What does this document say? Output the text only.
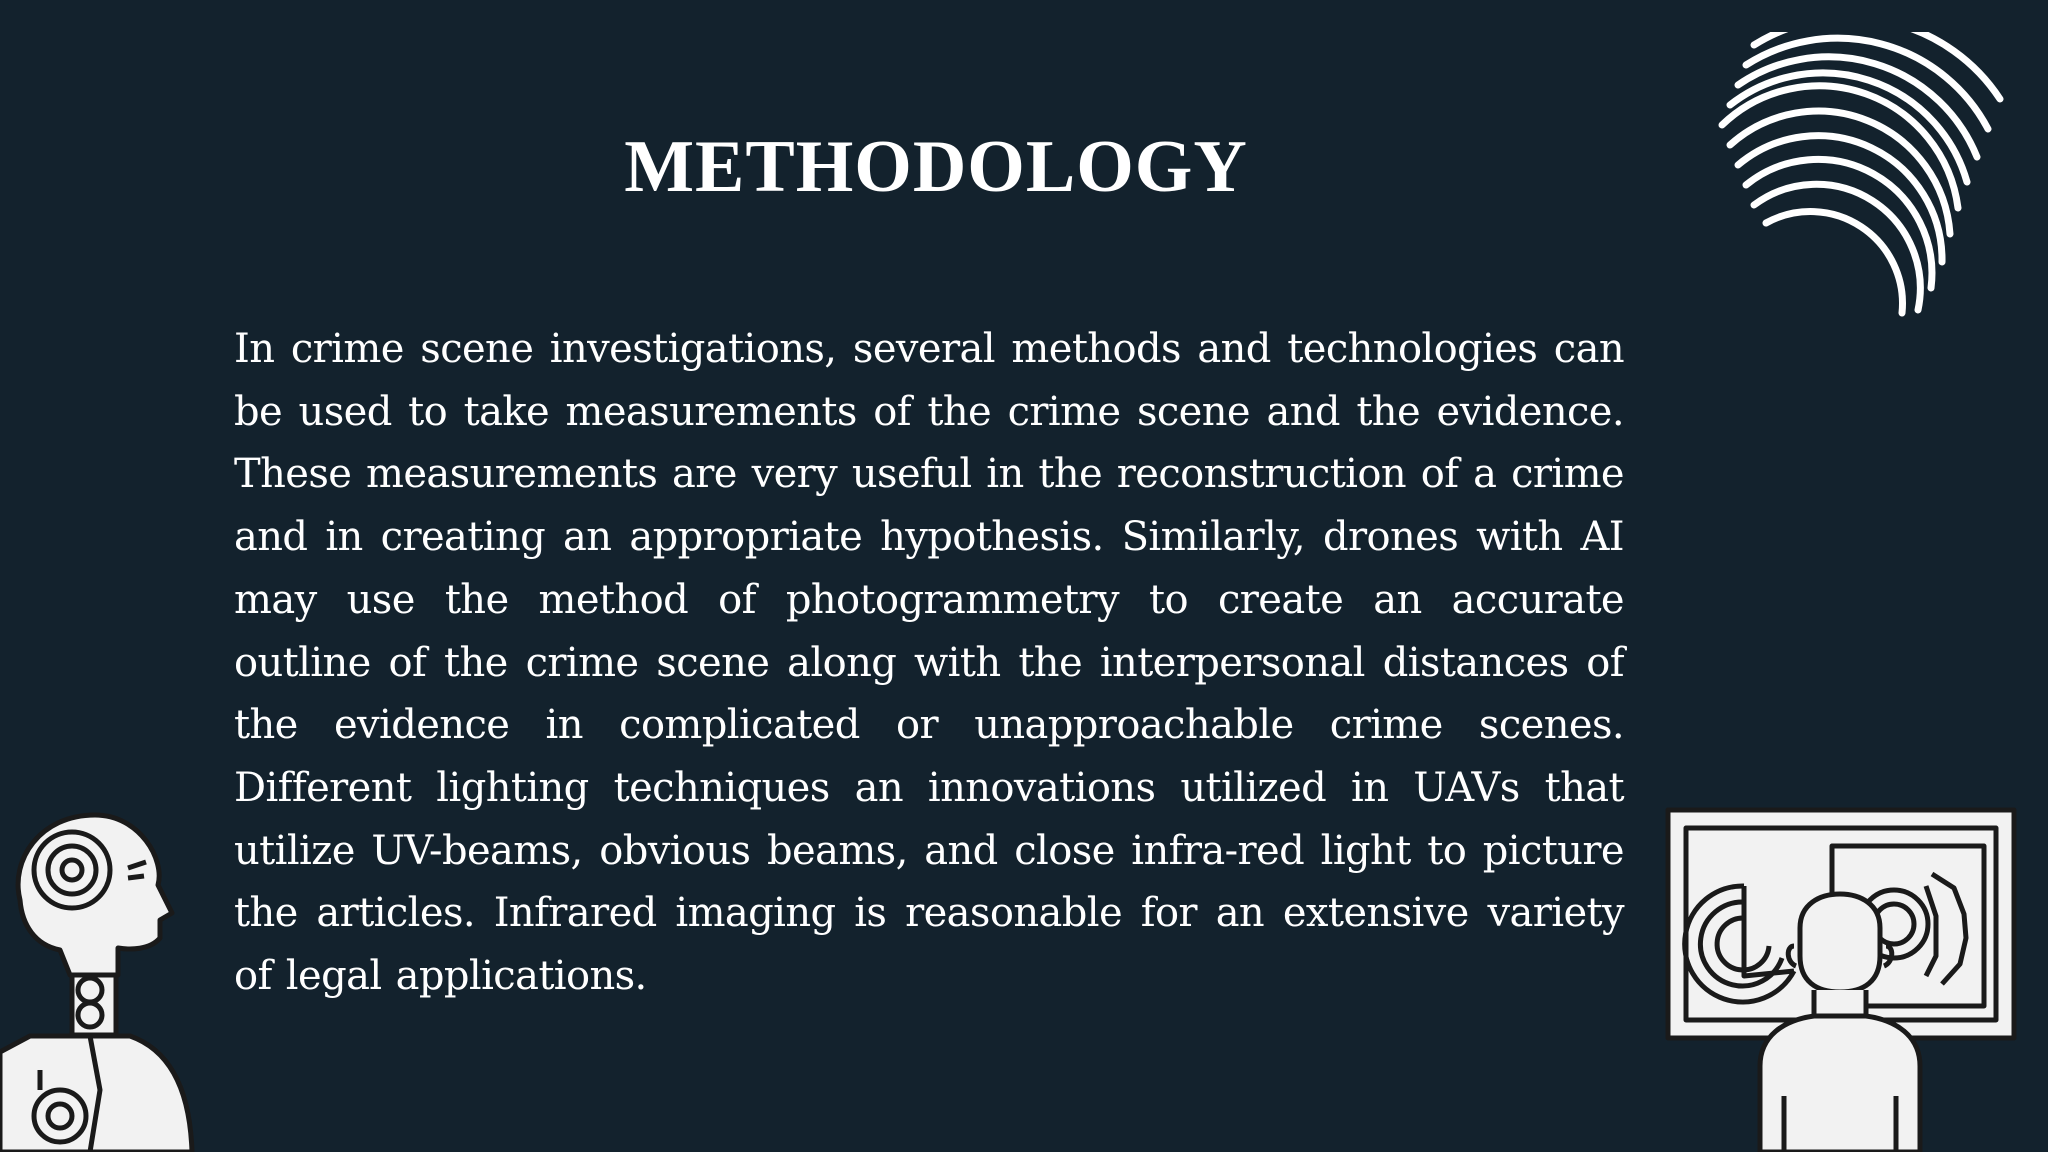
METHODOLOGY

In crime scene investigations, several methods and technologies can be used to take measurements of the crime scene and the evidence. These measurements are very useful in the reconstruction of a crime and in creating an appropriate hypothesis. Similarly, drones with AI may use the method of photogrammetry to create an accurate outline of the crime scene along with the interpersonal distances of the evidence in complicated or unapproachable crime scenes. Different lighting techniques an innovations utilized in UAVs that utilize UV-beams, obvious beams, and close infra-red light to picture the articles. Infrared imaging is reasonable for an extensive variety of legal applications.
